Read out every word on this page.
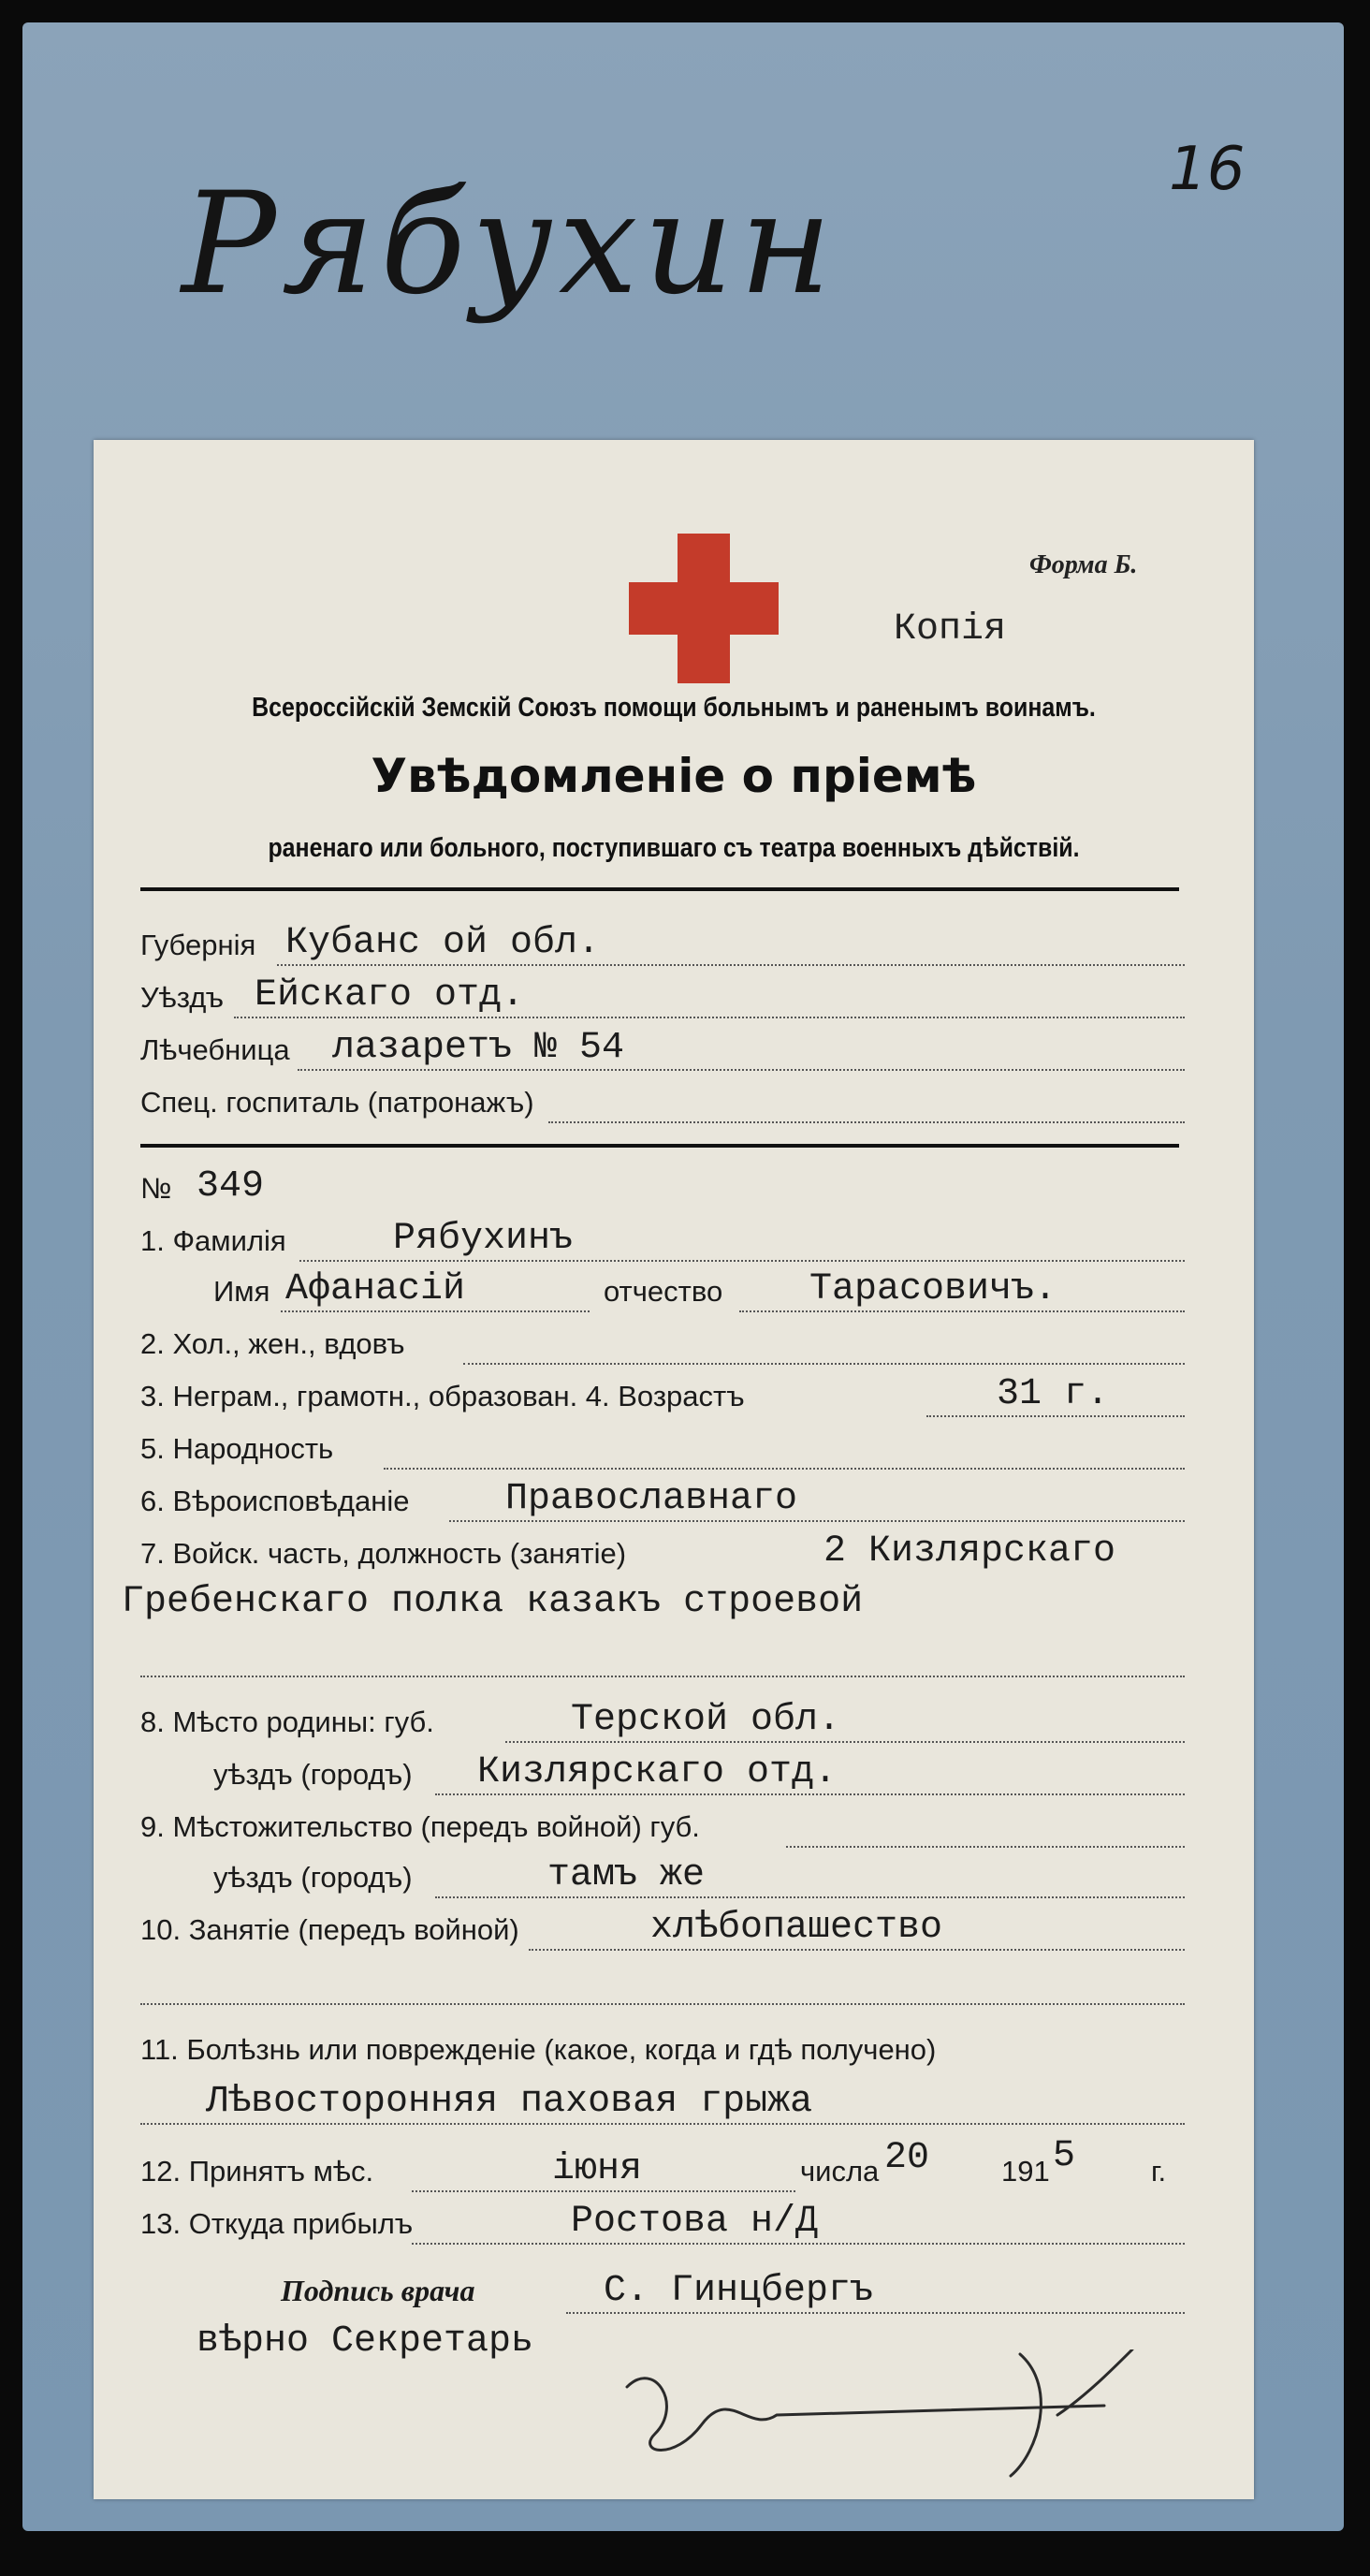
Рябухин	16
Форма Б.
Копія
Всероссійскій Земскій Союзъ помощи больнымъ и раненымъ воинамъ.
Увѣдомленіе о пріемѣ
раненаго или больного, поступившаго съ театра военныхъ дѣйствій.
Губернія Кубанс ой обл.
Уѣздъ Ейскаго отд.
Лѣчебница лазаретъ № 54
Спец. госпиталь (патронажъ)
№ 349
1. Фамилія	Рябухинъ
Имя Афанасій	отчество Тарасовичъ.
2. Хол., жен., вдовъ
3. Неграм., грамотн., образован. 4. Возрастъ	31 г.
5. Народность
6. Вѣроисповѣданіе	Православнаго
7. Войск. часть, должность (занятіе)	2 Кизлярскаго
Гребенскаго полка казакъ строевой
8. Мѣсто родины: губ.	Терской обл.
уѣздъ (городъ) Кизлярскаго отд.
9. Мѣстожительство (передъ войной) губ.
уѣздъ (городъ)	тамъ же
10. Занятіе (передъ войной)	хлѣбопашество
11. Болѣзнь или поврежденіе (какое, когда и гдѣ получено)
Лѣвосторонняя паховая грыжа
12. Принятъ мѣс.	іюня	числа 20 191 5	г.
13. Откуда прибылъ	Ростова н/Д
Подпись врача	С. Гинцбергъ
вѣрно Секретарь
